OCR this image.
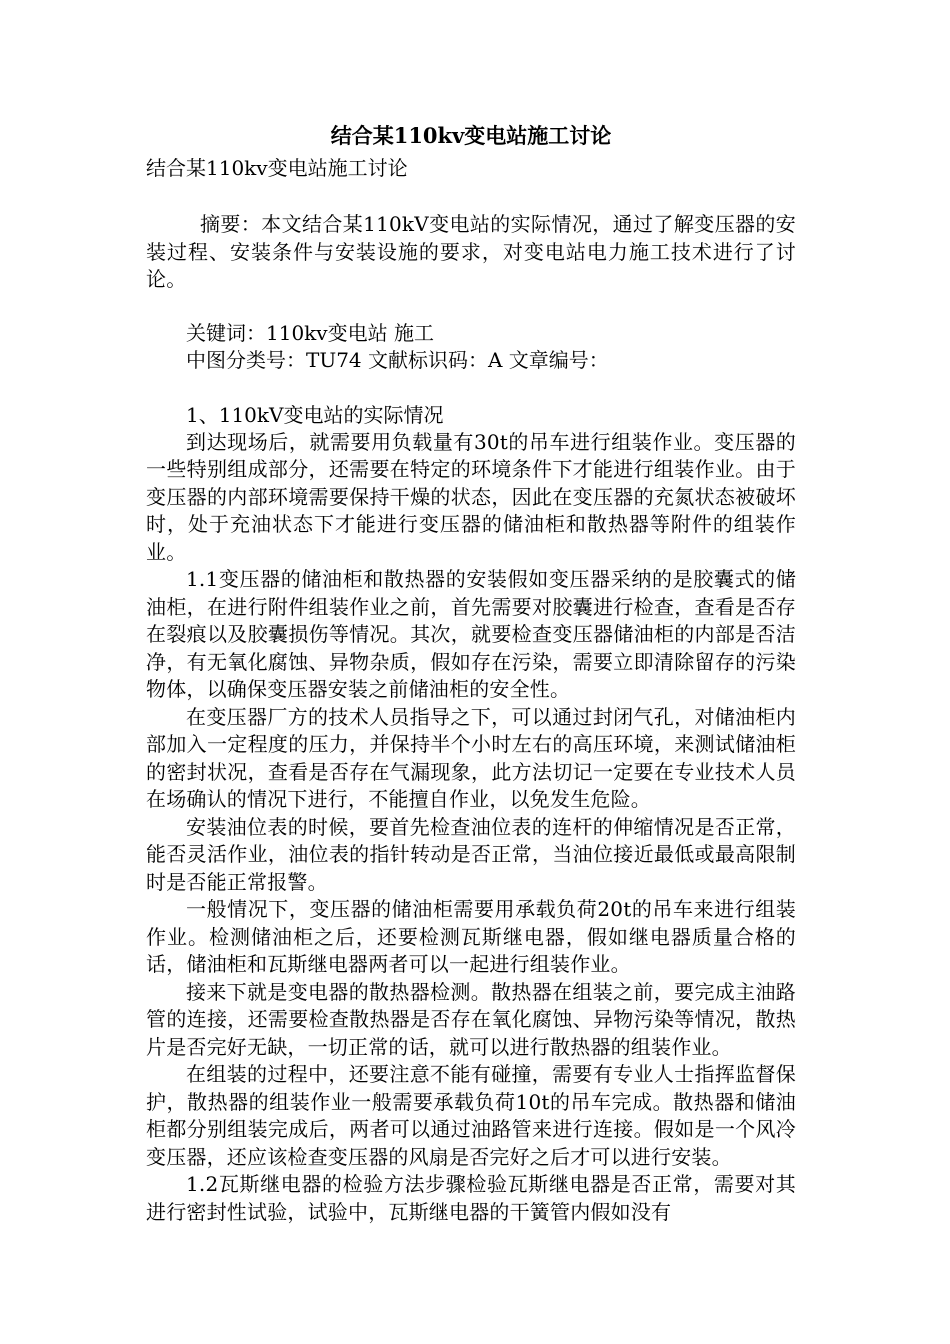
结合某110kv变电站施工讨论

结合某110kv变电站施工讨论

摘要：本文结合某110kV变电站的实际情况，通过了解变压器的安装过程、安装条件与安装设施的要求，对变电站电力施工技术进行了讨论。

关键词：110kv变电站 施工

中图分类号：TU74 文献标识码：A 文章编号：

1、110kV变电站的实际情况

到达现场后，就需要用负载量有30t的吊车进行组装作业。变压器的一些特别组成部分，还需要在特定的环境条件下才能进行组装作业。由于变压器的内部环境需要保持干燥的状态，因此在变压器的充氮状态被破坏时，处于充油状态下才能进行变压器的储油柜和散热器等附件的组装作业。

1.1变压器的储油柜和散热器的安装假如变压器采纳的是胶囊式的储油柜，在进行附件组装作业之前，首先需要对胶囊进行检查，查看是否存在裂痕以及胶囊损伤等情况。其次，就要检查变压器储油柜的内部是否洁净，有无氧化腐蚀、异物杂质，假如存在污染，需要立即清除留存的污染物体，以确保变压器安装之前储油柜的安全性。

在变压器厂方的技术人员指导之下，可以通过封闭气孔，对储油柜内部加入一定程度的压力，并保持半个小时左右的高压环境，来测试储油柜的密封状况，查看是否存在气漏现象，此方法切记一定要在专业技术人员在场确认的情况下进行，不能擅自作业，以免发生危险。

安装油位表的时候，要首先检查油位表的连杆的伸缩情况是否正常，能否灵活作业，油位表的指针转动是否正常，当油位接近最低或最高限制时是否能正常报警。

一般情况下，变压器的储油柜需要用承载负荷20t的吊车来进行组装作业。检测储油柜之后，还要检测瓦斯继电器，假如继电器质量合格的话，储油柜和瓦斯继电器两者可以一起进行组装作业。

接来下就是变电器的散热器检测。散热器在组装之前，要完成主油路管的连接，还需要检查散热器是否存在氧化腐蚀、异物污染等情况，散热片是否完好无缺，一切正常的话，就可以进行散热器的组装作业。

在组装的过程中，还要注意不能有碰撞，需要有专业人士指挥监督保护，散热器的组装作业一般需要承载负荷10t的吊车完成。散热器和储油柜都分别组装完成后，两者可以通过油路管来进行连接。假如是一个风冷变压器，还应该检查变压器的风扇是否完好之后才可以进行安装。

1.2瓦斯继电器的检验方法步骤检验瓦斯继电器是否正常，需要对其进行密封性试验，试验中，瓦斯继电器的干簧管内假如没有
